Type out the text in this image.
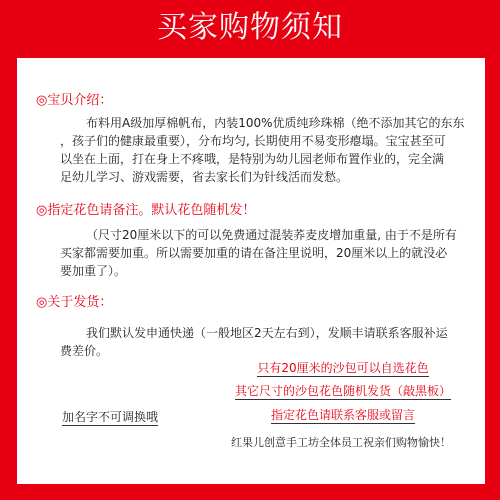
买家购物须知
◎宝贝介绍：
布料用A级加厚棉帆布，内装100%优质纯珍珠棉（绝不添加其它的东东
，孩子们的健康最重要），分布均匀, 长期使用不易变形瘪塌。宝宝甚至可
以坐在上面，打在身上不疼哦，是特别为幼儿园老师布置作业的，完全满
足幼儿学习、游戏需要，省去家长们为针线活而发愁。
◎指定花色请备注。默认花色随机发！
（尺寸20厘米以下的可以免费通过混装荞麦皮增加重量, 由于不是所有
买家都需要加重。所以需要加重的请在备注里说明，20厘米以上的就没必
要加重了）。
◎关于发货：
我们默认发申通快递（一般地区2天左右到），发顺丰请联系客服补运
费差价。
只有20厘米的沙包可以自选花色
其它尺寸的沙包花色随机发货（敲黑板）
指定花色请联系客服或留言
加名字不可调换哦
红果儿创意手工坊全体员工祝亲们购物愉快！
